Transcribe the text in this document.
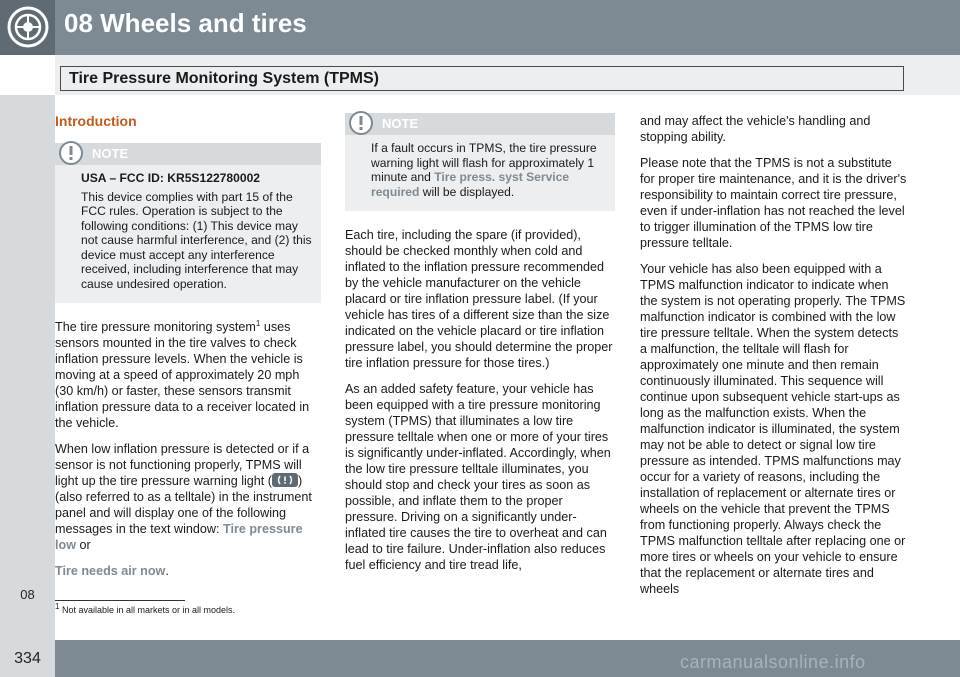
08 Wheels and tires
Tire Pressure Monitoring System (TPMS)
08
Introduction
NOTE

USA – FCC ID: KR5S122780002

This device complies with part 15 of the FCC rules. Operation is subject to the following conditions: (1) This device may not cause harmful interference, and (2) this device must accept any interference received, including interference that may cause undesired operation.

The tire pressure monitoring system$^1$ uses sensors mounted in the tire valves to check inflation pressure levels. When the vehicle is moving at a speed of approximately 20 mph (30 km/h) or faster, these sensors transmit inflation pressure data to a receiver located in the vehicle.

When low inflation pressure is detected or if a sensor is not functioning properly, TPMS will light up the tire pressure warning light ( ) (also referred to as a telltale) in the instrument panel and will display one of the following messages in the text window: Tire pressure low or

Tire needs air now.

NOTE

If a fault occurs in TPMS, the tire pressure warning light will flash for approximately 1 minute and Tire press. syst Service required will be displayed.

Each tire, including the spare (if provided), should be checked monthly when cold and inflated to the inflation pressure recommended by the vehicle manufacturer on the vehicle placard or tire inflation pressure label. (If your vehicle has tires of a different size than the size indicated on the vehicle placard or tire inflation pressure label, you should determine the proper tire inflation pressure for those tires.)

As an added safety feature, your vehicle has been equipped with a tire pressure monitoring system (TPMS) that illuminates a low tire pressure telltale when one or more of your tires is significantly under-inflated. Accordingly, when the low tire pressure telltale illuminates, you should stop and check your tires as soon as possible, and inflate them to the proper pressure. Driving on a significantly under-inflated tire causes the tire to overheat and can lead to tire failure. Under-inflation also reduces fuel efficiency and tire tread life,

and may affect the vehicle's handling and stopping ability.

Please note that the TPMS is not a substitute for proper tire maintenance, and it is the driver's responsibility to maintain correct tire pressure, even if under-inflation has not reached the level to trigger illumination of the TPMS low tire pressure telltale.

Your vehicle has also been equipped with a TPMS malfunction indicator to indicate when the system is not operating properly. The TPMS malfunction indicator is combined with the low tire pressure telltale. When the system detects a malfunction, the telltale will flash for approximately one minute and then remain continuously illuminated. This sequence will continue upon subsequent vehicle start-ups as long as the malfunction exists. When the malfunction indicator is illuminated, the system may not be able to detect or signal low tire pressure as intended. TPMS malfunctions may occur for a variety of reasons, including the installation of replacement or alternate tires or wheels on the vehicle that prevent the TPMS from functioning properly. Always check the TPMS malfunction telltale after replacing one or more tires or wheels on your vehicle to ensure that the replacement or alternate tires and wheels

$^1$ Not available in all markets or in all models.
334	carmanualsonline.info
